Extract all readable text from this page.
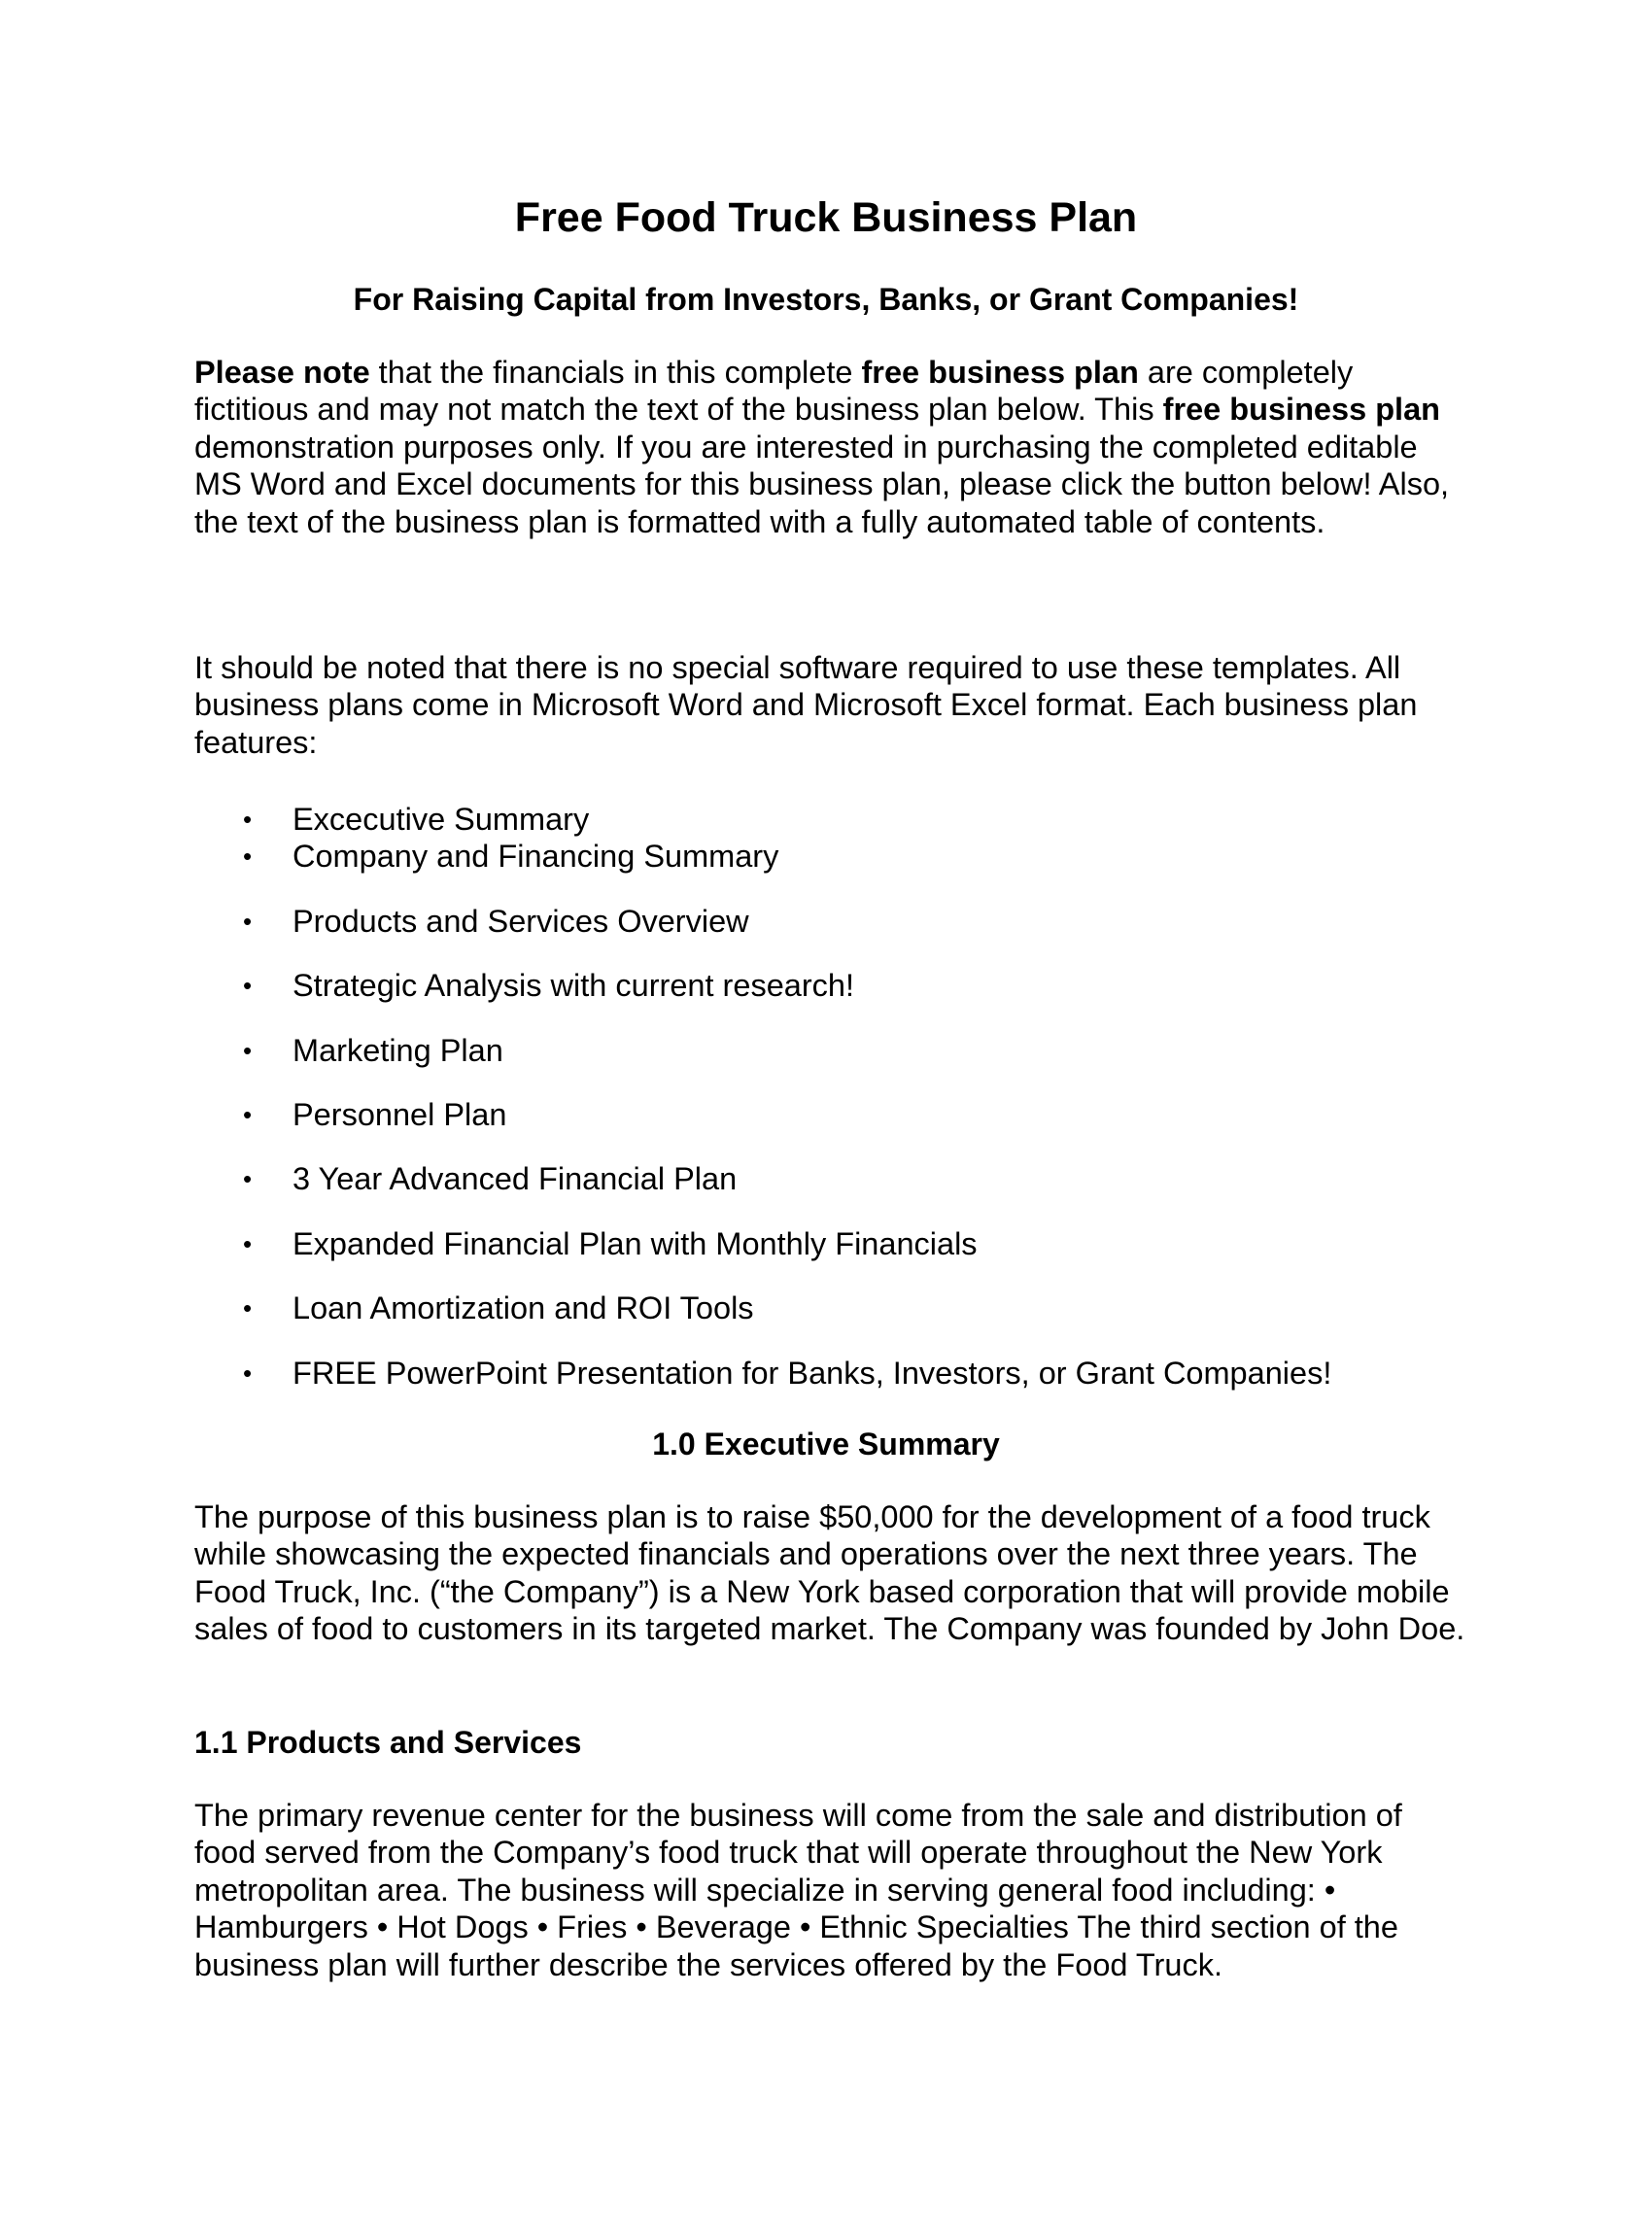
Free Food Truck Business Plan
For Raising Capital from Investors, Banks, or Grant Companies!

Please note that the financials in this complete free business plan are completely fictitious and may not match the text of the business plan below. This free business plan demonstration purposes only. If you are interested in purchasing the completed editable MS Word and Excel documents for this business plan, please click the button below! Also, the text of the business plan is formatted with a fully automated table of contents.

It should be noted that there is no special software required to use these templates. All business plans come in Microsoft Word and Microsoft Excel format. Each business plan features:

• Excecutive Summary
• Company and Financing Summary
• Products and Services Overview
• Strategic Analysis with current research!
• Marketing Plan
• Personnel Plan
• 3 Year Advanced Financial Plan
• Expanded Financial Plan with Monthly Financials
• Loan Amortization and ROI Tools
• FREE PowerPoint Presentation for Banks, Investors, or Grant Companies!
1.0 Executive Summary

The purpose of this business plan is to raise $50,000 for the development of a food truck while showcasing the expected financials and operations over the next three years. The Food Truck, Inc. (“the Company”) is a New York based corporation that will provide mobile sales of food to customers in its targeted market. The Company was founded by John Doe.

1.1 Products and Services

The primary revenue center for the business will come from the sale and distribution of food served from the Company’s food truck that will operate throughout the New York metropolitan area. The business will specialize in serving general food including: • Hamburgers • Hot Dogs • Fries • Beverage • Ethnic Specialties The third section of the business plan will further describe the services offered by the Food Truck.
